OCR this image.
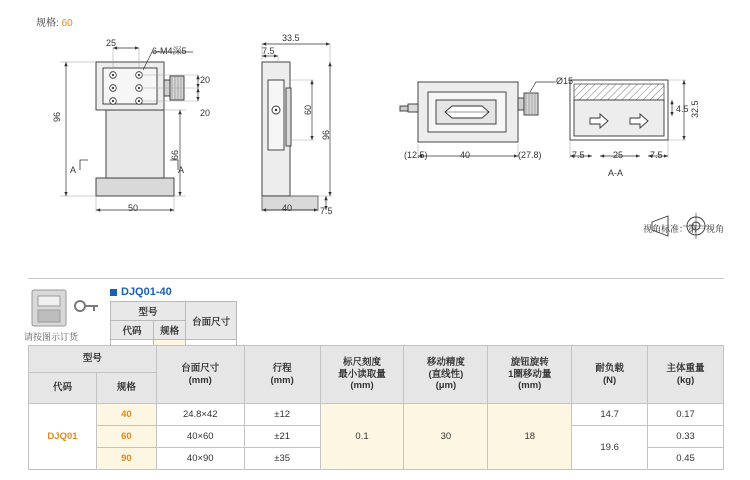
规格: 60
25
6-M4深5
20
20
96
66
50
A	A
33.5
7.5
60
96
40	7.5
Ø15
(12.5)	40	(27.8)
32.5
4.5
7.5	25	7.5
A-A
视角标准：第一视角
请按图示订货
DJQ01-40
型号		台面尺寸
代码	规格	

型号	
台面尺寸
(mm)

行程
(mm)

标尺刻度
最小读取量
(mm)

移动精度
(直线性)
(μm)

旋钮旋转
1圈移动量
(mm)

耐负载
(N)

主体重量
(kg)

代码	规格							
DJQ01	40	24.8×42	±12	0.1	30	18	14.7	0.17
	60	40×60	±21				19.6	0.33
	90	40×90	±35					0.45
